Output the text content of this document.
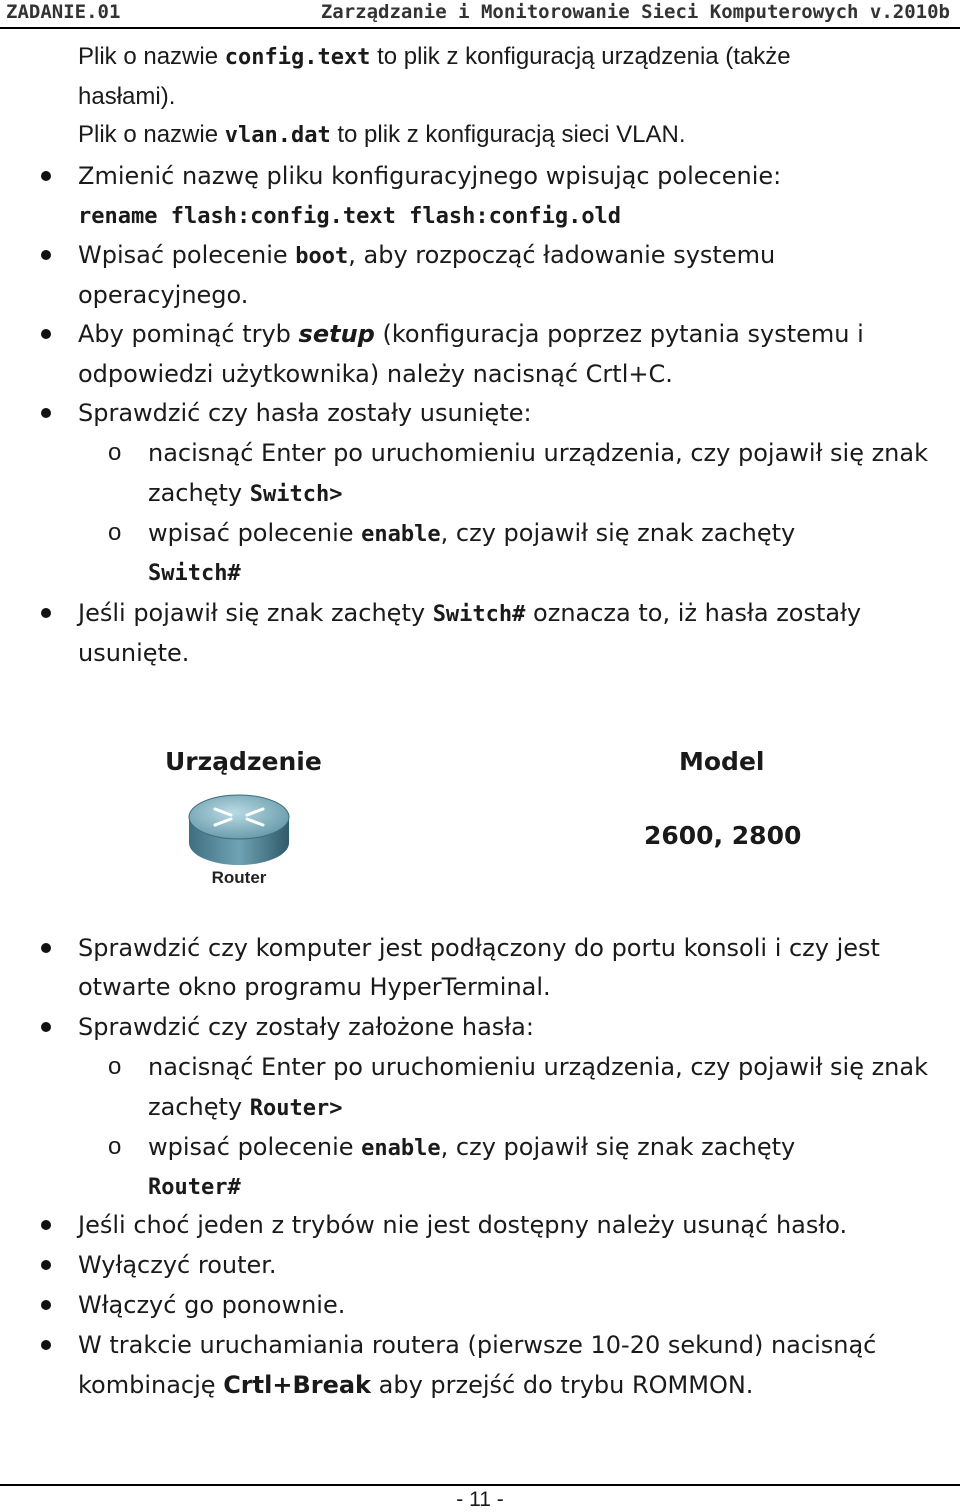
ZADANIE.01	Zarządzanie i Monitorowanie Sieci Komputerowych v.2010b
Plik o nazwie config.text to plik z konfiguracją urządzenia (także
hasłami).
Plik o nazwie vlan.dat to plik z konfiguracją sieci VLAN.
Zmienić nazwę pliku konfiguracyjnego wpisując polecenie:
rename flash:config.text flash:config.old
Wpisać polecenie boot, aby rozpocząć ładowanie systemu
operacyjnego.
Aby pominąć tryb setup (konfiguracja poprzez pytania systemu i
odpowiedzi użytkownika) należy nacisnąć Crtl+C.
Sprawdzić czy hasła zostały usunięte:
o nacisnąć Enter po uruchomieniu urządzenia, czy pojawił się znak
zachęty Switch>
o wpisać polecenie enable, czy pojawił się znak zachęty
Switch#
Jeśli pojawił się znak zachęty Switch# oznacza to, iż hasła zostały
usunięte.
Urządzenie	Model
Router
2600, 2800
Sprawdzić czy komputer jest podłączony do portu konsoli i czy jest
otwarte okno programu HyperTerminal.
Sprawdzić czy zostały założone hasła:
o nacisnąć Enter po uruchomieniu urządzenia, czy pojawił się znak
zachęty Router>
o wpisać polecenie enable, czy pojawił się znak zachęty
Router#
Jeśli choć jeden z trybów nie jest dostępny należy usunąć hasło.
Wyłączyć router.
Włączyć go ponownie.
W trakcie uruchamiania routera (pierwsze 10-20 sekund) nacisnąć
kombinację Crtl+Break aby przejść do trybu ROMMON.
- 11 -
